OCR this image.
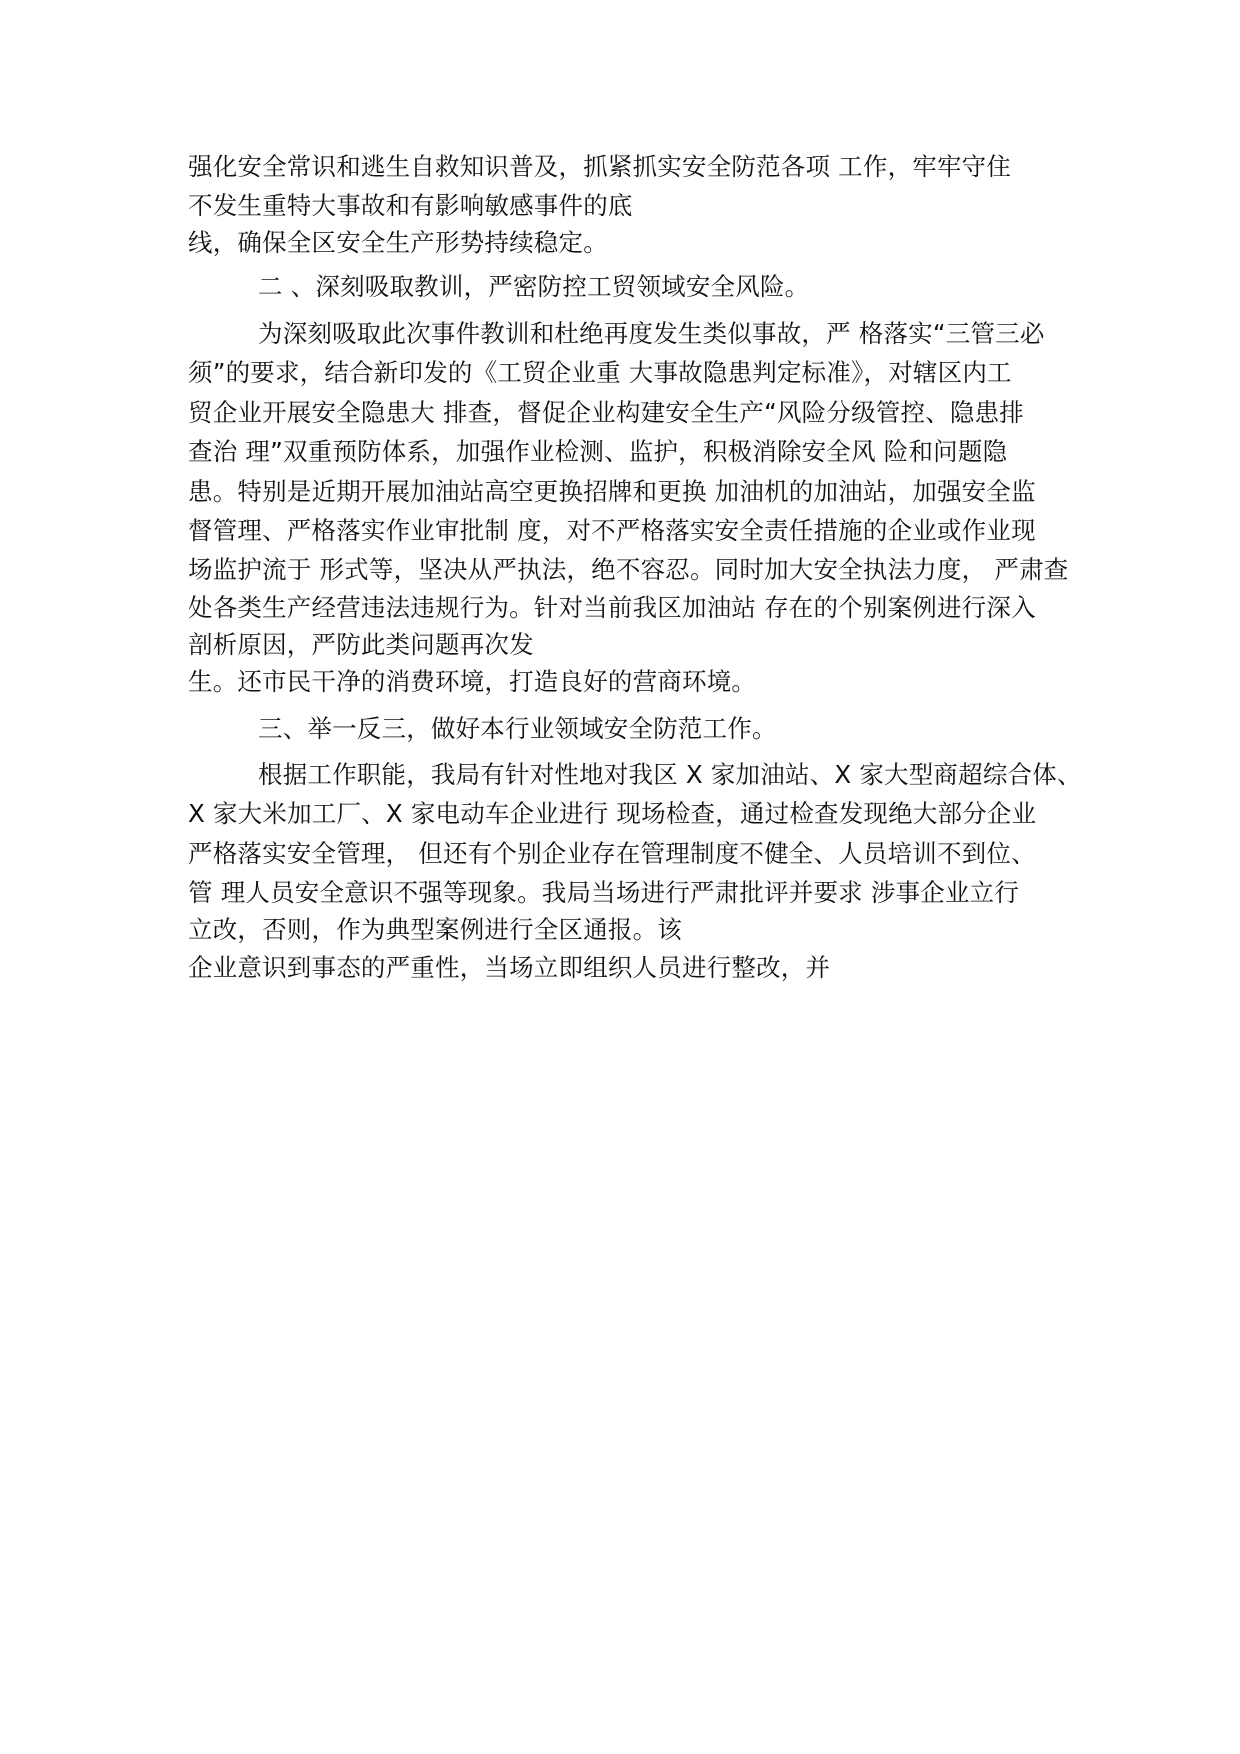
强化安全常识和逃生自救知识普及，抓紧抓实安全防范各项 工作，牢牢守住
不发生重特大事故和有影响敏感事件的底
线，确保全区安全生产形势持续稳定。
二 、深刻吸取教训，严密防控工贸领域安全风险。
为深刻吸取此次事件教训和杜绝再度发生类似事故，严 格落实“三管三必
须”的要求，结合新印发的《工贸企业重 大事故隐患判定标准》，对辖区内工
贸企业开展安全隐患大 排查，督促企业构建安全生产“风险分级管控、隐患排
查治 理”双重预防体系，加强作业检测、监护，积极消除安全风 险和问题隐
患。特别是近期开展加油站高空更换招牌和更换 加油机的加油站，加强安全监
督管理、严格落实作业审批制 度，对不严格落实安全责任措施的企业或作业现
场监护流于 形式等，坚决从严执法，绝不容忍。同时加大安全执法力度， 严肃查
处各类生产经营违法违规行为。针对当前我区加油站 存在的个别案例进行深入
剖析原因，严防此类问题再次发
生。还市民干净的消费环境，打造良好的营商环境。
三、举一反三，做好本行业领域安全防范工作。
根据工作职能，我局有针对性地对我区 X 家加油站、X 家大型商超综合体、
X 家大米加工厂、X 家电动车企业进行 现场检查，通过检查发现绝大部分企业
严格落实安全管理， 但还有个别企业存在管理制度不健全、人员培训不到位、
管 理人员安全意识不强等现象。我局当场进行严肃批评并要求 涉事企业立行
立改，否则，作为典型案例进行全区通报。该
企业意识到事态的严重性，当场立即组织人员进行整改，并
